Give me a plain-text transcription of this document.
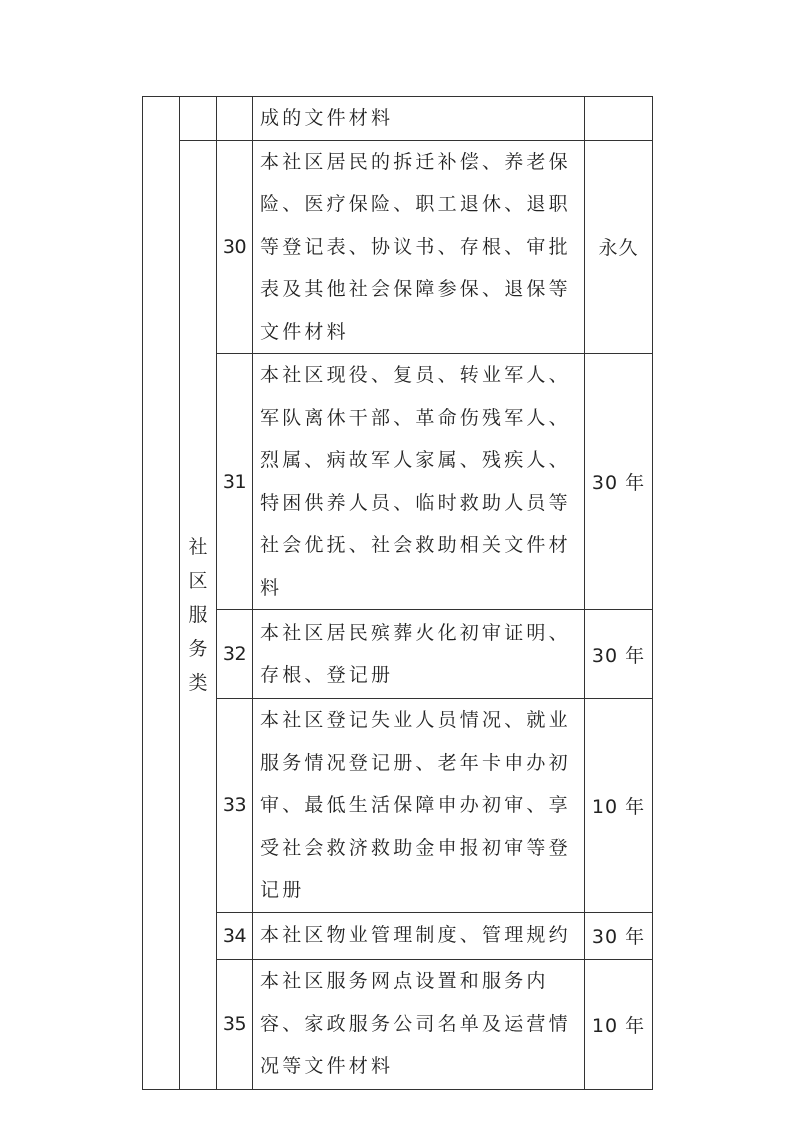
			成的文件材料	
	社区服务类	30	本社区居民的拆迁补偿、养老保险、医疗保险、职工退休、退职等登记表、协议书、存根、审批表及其他社会保障参保、退保等文件材料	永久
		31	本社区现役、复员、转业军人、军队离休干部、革命伤残军人、烈属、病故军人家属、残疾人、特困供养人员、临时救助人员等社会优抚、社会救助相关文件材料	30 年
		32	本社区居民殡葬火化初审证明、存根、登记册	30 年
		33	本社区登记失业人员情况、就业服务情况登记册、老年卡申办初审、最低生活保障申办初审、享受社会救济救助金申报初审等登记册	10 年
		34	本社区物业管理制度、管理规约	30 年
		35	本社区服务网点设置和服务内容、家政服务公司名单及运营情况等文件材料	10 年
